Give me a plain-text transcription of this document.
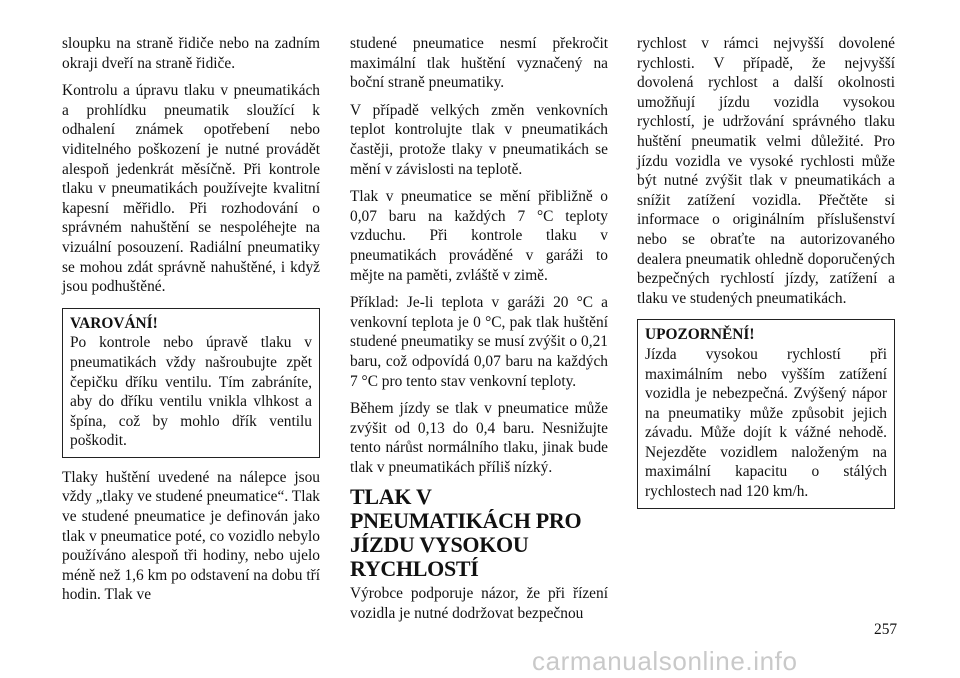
sloupku na straně řidiče nebo na zadním okraji dveří na straně řidiče.

Kontrolu a úpravu tlaku v pneumatikách a prohlídku pneumatik sloužící k odhalení známek opotřebení nebo viditelného poškození je nutné provádět alespoň jedenkrát měsíčně. Při kontrole tlaku v pneumatikách používejte kvalitní kapesní měřidlo. Při rozhodování o správném nahuštění se nespoléhejte na vizuální posouzení. Radiální pneumatiky se mohou zdát správně nahuštěné, i když jsou podhuštěné.

VAROVÁNÍ!

Po kontrole nebo úpravě tlaku v pneumatikách vždy našroubujte zpět čepičku dříku ventilu. Tím zabráníte, aby do dříku ventilu vnikla vlhkost a špína, což by mohlo dřík ventilu poškodit.

Tlaky huštění uvedené na nálepce jsou vždy „tlaky ve studené pneumatice“. Tlak ve studené pneumatice je definován jako tlak v pneumatice poté, co vozidlo nebylo používáno alespoň tři hodiny, nebo ujelo méně než 1,6 km po odstavení na dobu tří hodin. Tlak ve

studené pneumatice nesmí překročit maximální tlak huštění vyznačený na boční straně pneumatiky.

V případě velkých změn venkovních teplot kontrolujte tlak v pneumatikách častěji, protože tlaky v pneumatikách se mění v závislosti na teplotě.

Tlak v pneumatice se mění přibližně o 0,07 baru na každých 7 °C teploty vzduchu. Při kontrole tlaku v pneumatikách prováděné v garáži to mějte na paměti, zvláště v zimě.

Příklad: Je-li teplota v garáži 20 °C a venkovní teplota je 0 °C, pak tlak huštění studené pneumatiky se musí zvýšit o 0,21 baru, což odpovídá 0,07 baru na každých 7 °C pro tento stav venkovní teploty.

Během jízdy se tlak v pneumatice může zvýšit od 0,13 do 0,4 baru. Nesnižujte tento nárůst normálního tlaku, jinak bude tlak v pneumatikách příliš nízký.

TLAK V PNEUMATIKÁCH PRO JÍZDU VYSOKOU RYCHLOSTÍ

Výrobce podporuje názor, že při řízení vozidla je nutné dodržovat bezpečnou

rychlost v rámci nejvyšší dovolené rychlosti. V případě, že nejvyšší dovolená rychlost a další okolnosti umožňují jízdu vozidla vysokou rychlostí, je udržování správného tlaku huštění pneumatik velmi důležité. Pro jízdu vozidla ve vysoké rychlosti může být nutné zvýšit tlak v pneumatikách a snížit zatížení vozidla. Přečtěte si informace o originálním příslušenství nebo se obraťte na autorizovaného dealera pneumatik ohledně doporučených bezpečných rychlostí jízdy, zatížení a tlaku ve studených pneumatikách.

UPOZORNĚNÍ!

Jízda vysokou rychlostí při maximálním nebo vyšším zatížení vozidla je nebezpečná. Zvýšený nápor na pneumatiky může způsobit jejich závadu. Může dojít k vážné nehodě. Nejezděte vozidlem naloženým na maximální kapacitu o stálých rychlostech nad 120 km/h.

257
carmanualsonline.info
